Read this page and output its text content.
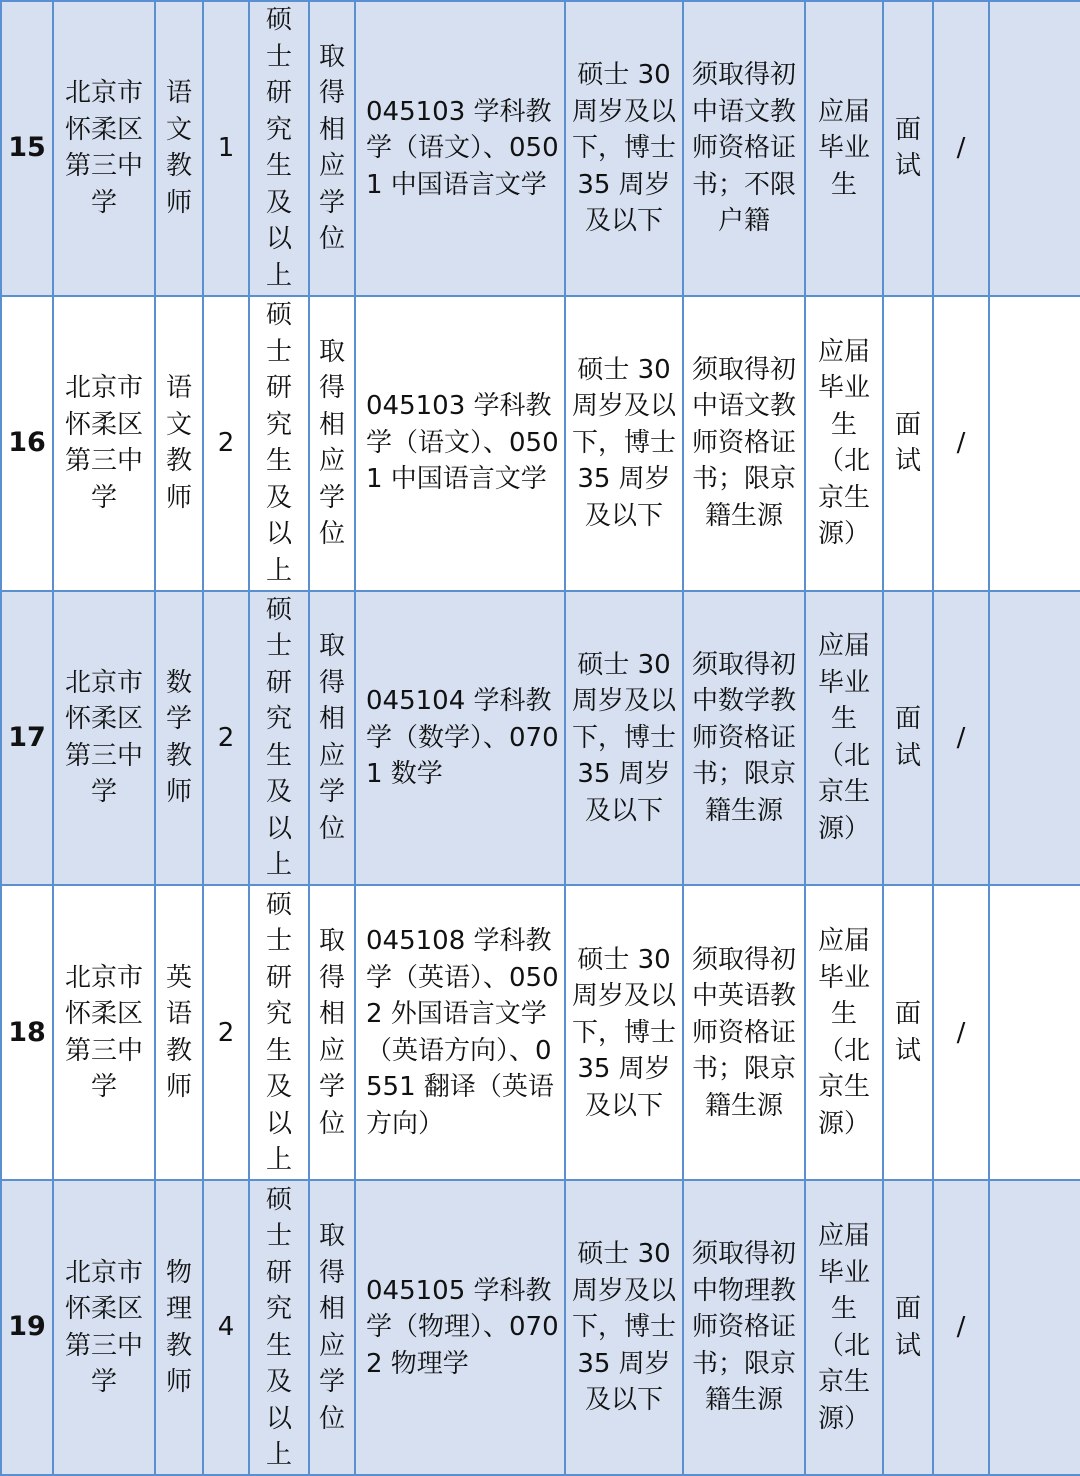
15	北京市怀柔区第三中学	语文教师	1	硕士研究生及以上	取得相应学位	045103 学科教学（语文）、0501 中国语言文学	硕士 30 周岁及以下，博士 35 周岁及以下	须取得初中语文教师资格证书；不限户籍	应届毕业生	面试	/	
16	北京市怀柔区第三中学	语文教师	2	硕士研究生及以上	取得相应学位	045103 学科教学（语文）、0501 中国语言文学	硕士 30 周岁及以下，博士 35 周岁及以下	须取得初中语文教师资格证书；限京籍生源	应届毕业生（北京生源）	面试	/	
17	北京市怀柔区第三中学	数学教师	2	硕士研究生及以上	取得相应学位	045104 学科教学（数学）、0701 数学	硕士 30 周岁及以下，博士 35 周岁及以下	须取得初中数学教师资格证书；限京籍生源	应届毕业生（北京生源）	面试	/	
18	北京市怀柔区第三中学	英语教师	2	硕士研究生及以上	取得相应学位	045108 学科教学（英语）、0502 外国语言文学（英语方向）、0551 翻译（英语方向）	硕士 30 周岁及以下，博士 35 周岁及以下	须取得初中英语教师资格证书；限京籍生源	应届毕业生（北京生源）	面试	/	
19	北京市怀柔区第三中学	物理教师	4	硕士研究生及以上	取得相应学位	045105 学科教学（物理）、0702 物理学	硕士 30 周岁及以下，博士 35 周岁及以下	须取得初中物理教师资格证书；限京籍生源	应届毕业生（北京生源）	面试	/	
